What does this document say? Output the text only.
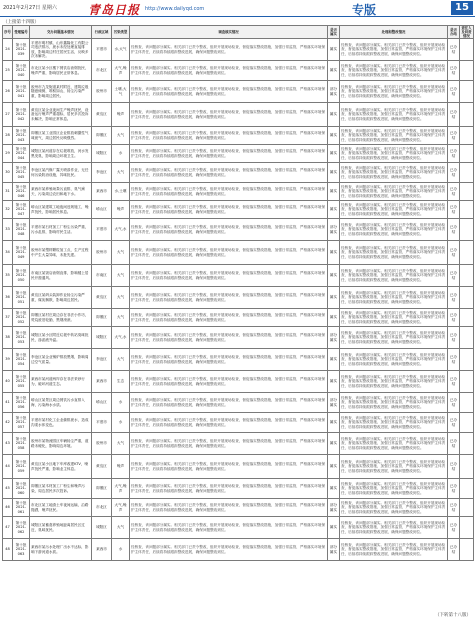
2021年2月27日 星期六	青岛日报 http://www.dailyqd.com	专版	15
（上接第十四版）
序号	受理编号	交办问题基本情况	行政区域	污染类型	调查核实情况	是否属实	处理和整改情况	是否办结	责任人及问责情况

24	第十批 2021-039	平度市明村镇，山东鑫隆化工有限公司违法排污，废水未经处理直接排放，影响周边村庄居民生活，反映多次未解决。	平度市	水,大气	经核查，该问题部分属实。相关部门已责令整改，组织开展现场检查，督促落实整改措施，加强日常监管，严格落实环境保护主体责任，后续将持续跟踪整改进展，确保问题整改到位。	属实	经核查，该问题部分属实。相关部门已责令整改，组织开展现场检查，督促落实整改措施，加强日常监管，严格落实环境保护主体责任，后续将持续跟踪整改进展，确保问题整改到位。	已办结	

25	第十批 2021-040	市北区某小区楼下餐饮店油烟扰民，噪声严重，影响居民正常休息。	市北区	大气,噪声	经核查，该问题部分属实。相关部门已责令整改，组织开展现场检查，督促落实整改措施，加强日常监管，严格落实环境保护主体责任，后续将持续跟踪整改进展，确保问题整改到位。	属实	经核查，该问题部分属实。相关部门已责令整改，组织开展现场检查，督促落实整改措施，加强日常监管，严格落实环境保护主体责任，后续将持续跟踪整改进展，确保问题整改到位。	已办结	

26	第十批 2021-041	胶州市九龙街道某村附近，建筑垃圾随意倾倒，堆积如山，扬尘污染严重，影响周边居民。	胶州市	土壤,大气	经核查，该问题部分属实。相关部门已责令整改，组织开展现场检查，督促落实整改措施，加强日常监管，严格落实环境保护主体责任，后续将持续跟踪整改进展，确保问题整改到位。	部分属实	经核查，该问题部分属实。相关部门已责令整改，组织开展现场检查，督促落实整改措施，加强日常监管，严格落实环境保护主体责任，后续将持续跟踪整改进展，确保问题整改到位。	已办结	

27	第十批 2021-042	黄岛区某企业夜间生产噪声扰民，设备运行噪声严重超标，居民多次投诉未解决，影响正常休息。	黄岛区	噪声	经核查，该问题部分属实。相关部门已责令整改，组织开展现场检查，督促落实整改措施，加强日常监管，严格落实环境保护主体责任，后续将持续跟踪整改进展，确保问题整改到位。	属实	经核查，该问题部分属实。相关部门已责令整改，组织开展现场检查，督促落实整改措施，加强日常监管，严格落实环境保护主体责任，后续将持续跟踪整改进展，确保问题整改到位。	已办结	

28	第十批 2021-043	即墨区某工业园区企业排放刺激性气味废气，周边居民反映强烈。	即墨区	大气	经核查，该问题部分属实。相关部门已责令整改，组织开展现场检查，督促落实整改措施，加强日常监管，严格落实环境保护主体责任，后续将持续跟踪整改进展，确保问题整改到位。	属实	经核查，该问题部分属实。相关部门已责令整改，组织开展现场检查，督促落实整改措施，加强日常监管，严格落实环境保护主体责任，后续将持续跟踪整改进展，确保问题整改到位。	已办结	

29	第十批 2021-044	城阳区某河道存在垃圾堆放，河水发黑发臭，影响周边环境卫生。	城阳区	水	经核查，该问题部分属实。相关部门已责令整改，组织开展现场检查，督促落实整改措施，加强日常监管，严格落实环境保护主体责任，后续将持续跟踪整改进展，确保问题整改到位。	属实	经核查，该问题部分属实。相关部门已责令整改，组织开展现场检查，督促落实整改措施，加强日常监管，严格落实环境保护主体责任，后续将持续跟踪整改进展，确保问题整改到位。	已办结	

30	第十批 2021-045	李沧区某汽修厂露天喷漆作业，无任何污染防治设施，异味扰民。	李沧区	大气	经核查，该问题部分属实。相关部门已责令整改，组织开展现场检查，督促落实整改措施，加强日常监管，严格落实环境保护主体责任，后续将持续跟踪整改进展，确保问题整改到位。	属实	经核查，该问题部分属实。相关部门已责令整改，组织开展现场检查，督促落实整改措施，加强日常监管，严格落实环境保护主体责任，后续将持续跟踪整改进展，确保问题整改到位。	已办结	

31	第十批 2021-046	莱西市某养殖场粪污直排，臭气熏天，污染周边农田和地下水。	莱西市	水,土壤	经核查，该问题部分属实。相关部门已责令整改，组织开展现场检查，督促落实整改措施，加强日常监管，严格落实环境保护主体责任，后续将持续跟踪整改进展，确保问题整改到位。	属实	经核查，该问题部分属实。相关部门已责令整改，组织开展现场检查，督促落实整改措施，加强日常监管，严格落实环境保护主体责任，后续将持续跟踪整改进展，确保问题整改到位。	已办结	

32	第十批 2021-047	崂山区某建筑工地夜间违规施工，噪声扰民，影响居民休息。	崂山区	噪声	经核查，该问题部分属实。相关部门已责令整改，组织开展现场检查，督促落实整改措施，加强日常监管，严格落实环境保护主体责任，后续将持续跟踪整改进展，确保问题整改到位。	属实	经核查，该问题部分属实。相关部门已责令整改，组织开展现场检查，督促落实整改措施，加强日常监管，严格落实环境保护主体责任，后续将持续跟踪整改进展，确保问题整改到位。	已办结	

33	第十批 2021-048	平度市某石材加工厂粉尘污染严重，污水乱排，影响村民生活。	平度市	大气,水	经核查，该问题部分属实。相关部门已责令整改，组织开展现场检查，督促落实整改措施，加强日常监管，严格落实环境保护主体责任，后续将持续跟踪整改进展，确保问题整改到位。	部分属实	经核查，该问题部分属实。相关部门已责令整改，组织开展现场检查，督促落实整改措施，加强日常监管，严格落实环境保护主体责任，后续将持续跟踪整改进展，确保问题整改到位。	已办结	

34	第十批 2021-049	胶州市某塑料颗粒加工点，生产过程中产生大量异味，未批先建。	胶州市	大气	经核查，该问题部分属实。相关部门已责令整改，组织开展现场检查，督促落实整改措施，加强日常监管，严格落实环境保护主体责任，后续将持续跟踪整改进展，确保问题整改到位。	属实	经核查，该问题部分属实。相关部门已责令整改，组织开展现场检查，督促落实整改措施，加强日常监管，严格落实环境保护主体责任，后续将持续跟踪整改进展，确保问题整改到位。	已办结	

35	第十批 2021-050	市南区某饭店油烟直排，影响楼上居民开窗通风。	市南区	大气	经核查，该问题部分属实。相关部门已责令整改，组织开展现场检查，督促落实整改措施，加强日常监管，严格落实环境保护主体责任，后续将持续跟踪整改进展，确保问题整改到位。	属实	经核查，该问题部分属实。相关部门已责令整改，组织开展现场检查，督促落实整改措施，加强日常监管，严格落实环境保护主体责任，后续将持续跟踪整改进展，确保问题整改到位。	已办结	

36	第十批 2021-051	黄岛区某码头装卸作业扬尘污染严重，煤灰飘散，影响周边居民。	黄岛区	大气	经核查，该问题部分属实。相关部门已责令整改，组织开展现场检查，督促落实整改措施，加强日常监管，严格落实环境保护主体责任，后续将持续跟踪整改进展，确保问题整改到位。	属实	经核查，该问题部分属实。相关部门已责令整改，组织开展现场检查，督促落实整改措施，加强日常监管，严格落实环境保护主体责任，后续将持续跟踪整改进展，确保问题整改到位。	已办结	

37	第十批 2021-052	即墨区某村庄周边存在非法小作坊，焚烧废旧轮胎，黑烟滚滚。	即墨区	大气	经核查，该问题部分属实。相关部门已责令整改，组织开展现场检查，督促落实整改措施，加强日常监管，严格落实环境保护主体责任，后续将持续跟踪整改进展，确保问题整改到位。	属实	经核查，该问题部分属实。相关部门已责令整改，组织开展现场检查，督促落实整改措施，加强日常监管，严格落实环境保护主体责任，后续将持续跟踪整改进展，确保问题整改到位。	已办结	

38	第十批 2021-053	城阳区某小区附近垃圾中转站臭味扰民，渗滤液外溢。	城阳区	大气,水	经核查，该问题部分属实。相关部门已责令整改，组织开展现场检查，督促落实整改措施，加强日常监管，严格落实环境保护主体责任，后续将持续跟踪整改进展，确保问题整改到位。	部分属实	经核查，该问题部分属实。相关部门已责令整改，组织开展现场检查，督促落实整改措施，加强日常监管，严格落实环境保护主体责任，后续将持续跟踪整改进展，确保问题整改到位。	已办结	

39	第十批 2021-054	李沧区某企业锅炉排放黑烟，影响周边空气质量。	李沧区	大气	经核查，该问题部分属实。相关部门已责令整改，组织开展现场检查，督促落实整改措施，加强日常监管，严格落实环境保护主体责任，后续将持续跟踪整改进展，确保问题整改到位。	属实	经核查，该问题部分属实。相关部门已责令整改，组织开展现场检查，督促落实整改措施，加强日常监管，严格落实环境保护主体责任，后续将持续跟踪整改进展，确保问题整改到位。	已办结	

40	第十批 2021-055	莱西市某河道两岸存在非法采砂行为，破坏河道生态。	莱西市	生态	经核查，该问题部分属实。相关部门已责令整改，组织开展现场检查，督促落实整改措施，加强日常监管，严格落实环境保护主体责任，后续将持续跟踪整改进展，确保问题整改到位。	属实	经核查，该问题部分属实。相关部门已责令整改，组织开展现场检查，督促落实整改措施，加强日常监管，严格落实环境保护主体责任，后续将持续跟踪整改进展，确保问题整改到位。	已办结	

41	第十批 2021-056	崂山区某景区周边餐饮污水直排入海，污染海水水质。	崂山区	水	经核查，该问题部分属实。相关部门已责令整改，组织开展现场检查，督促落实整改措施，加强日常监管，严格落实环境保护主体责任，后续将持续跟踪整改进展，确保问题整改到位。	部分属实	经核查，该问题部分属实。相关部门已责令整改，组织开展现场检查，督促落实整改措施，加强日常监管，严格落实环境保护主体责任，后续将持续跟踪整改进展，确保问题整改到位。	已办结	

42	第十批 2021-057	平度市某村化工企业偷排废水，造成沟渠水体变色。	平度市	水	经核查，该问题部分属实。相关部门已责令整改，组织开展现场检查，督促落实整改措施，加强日常监管，严格落实环境保护主体责任，后续将持续跟踪整改进展，确保问题整改到位。	属实	经核查，该问题部分属实。相关部门已责令整改，组织开展现场检查，督促落实整改措施，加强日常监管，严格落实环境保护主体责任，后续将持续跟踪整改进展，确保问题整改到位。	已办结	

43	第十批 2021-058	胶州市某物流园区车辆扬尘严重，道路未硬化，影响周边环境。	胶州市	大气	经核查，该问题部分属实。相关部门已责令整改，组织开展现场检查，督促落实整改措施，加强日常监管，严格落实环境保护主体责任，后续将持续跟踪整改进展，确保问题整改到位。	属实	经核查，该问题部分属实。相关部门已责令整改，组织开展现场检查，督促落实整改措施，加强日常监管，严格落实环境保护主体责任，后续将持续跟踪整改进展，确保问题整改到位。	已办结	

44	第十批 2021-059	黄岛区某小区地下车库改建KTV，噪声扰民严重，影响业主休息。	黄岛区	噪声	经核查，该问题部分属实。相关部门已责令整改，组织开展现场检查，督促落实整改措施，加强日常监管，严格落实环境保护主体责任，后续将持续跟踪整改进展，确保问题整改到位。	属实	经核查，该问题部分属实。相关部门已责令整改，组织开展现场检查，督促落实整改措施，加强日常监管，严格落实环境保护主体责任，后续将持续跟踪整改进展，确保问题整改到位。	已办结	

45	第十批 2021-060	即墨区某木材加工厂粉尘和噪声污染，周边居民多次投诉。	即墨区	大气,噪声	经核查，该问题部分属实。相关部门已责令整改，组织开展现场检查，督促落实整改措施，加强日常监管，严格落实环境保护主体责任，后续将持续跟踪整改进展，确保问题整改到位。	属实	经核查，该问题部分属实。相关部门已责令整改，组织开展现场检查，督促落实整改措施，加强日常监管，严格落实环境保护主体责任，后续将持续跟踪整改进展，确保问题整改到位。	已办结	

46	第十批 2021-061	市北区某工地渣土车夜间运输，沿路抛洒，噪声扰民。	市北区	大气,噪声	经核查，该问题部分属实。相关部门已责令整改，组织开展现场检查，督促落实整改措施，加强日常监管，严格落实环境保护主体责任，后续将持续跟踪整改进展，确保问题整改到位。	部分属实	经核查，该问题部分属实。相关部门已责令整改，组织开展现场检查，督促落实整改措施，加强日常监管，严格落实环境保护主体责任，后续将持续跟踪整改进展，确保问题整改到位。	已办结	

47	第十批 2021-062	城阳区某畜禽养殖场距离居民区过近，臭味扰民。	城阳区	大气	经核查，该问题部分属实。相关部门已责令整改，组织开展现场检查，督促落实整改措施，加强日常监管，严格落实环境保护主体责任，后续将持续跟踪整改进展，确保问题整改到位。	属实	经核查，该问题部分属实。相关部门已责令整改，组织开展现场检查，督促落实整改措施，加强日常监管，严格落实环境保护主体责任，后续将持续跟踪整改进展，确保问题整改到位。	已办结	

48	第十批 2021-063	莱西市某污水处理厂出水不达标，影响下游河道水质。	莱西市	水	经核查，该问题部分属实。相关部门已责令整改，组织开展现场检查，督促落实整改措施，加强日常监管，严格落实环境保护主体责任，后续将持续跟踪整改进展，确保问题整改到位。	部分属实	经核查，该问题部分属实。相关部门已责令整改，组织开展现场检查，督促落实整改措施，加强日常监管，严格落实环境保护主体责任，后续将持续跟踪整改进展，确保问题整改到位。	已办结	

（下转第十八版）
